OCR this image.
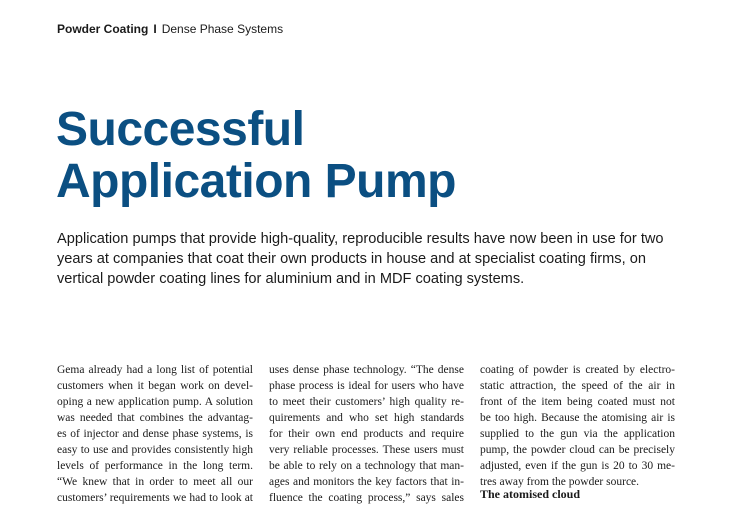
Powder Coating I Dense Phase Systems
Successful
Application Pump

Application pumps that provide high-quality, reproducible results have now been in use for two years at companies that coat their own products in house and at specialist coating firms, on vertical powder coating lines for aluminium and in MDF coating systems.

Gema already had a long list of potential
customers when it began work on devel-
oping a new application pump. A solution
was needed that combines the advantag-
es of injector and dense phase systems, is
easy to use and provides consistently high
levels of performance in the long term.
“We knew that in order to meet all our
customers’ requirements we had to look at
uses dense phase technology. “The dense
phase process is ideal for users who have
to meet their customers’ high quality re-
quirements and who set high standards
for their own end products and require
very reliable processes. These users must
be able to rely on a technology that man-
ages and monitors the key factors that in-
fluence the coating process,” says sales
coating of powder is created by electro-
static attraction, the speed of the air in
front of the item being coated must not
be too high. Because the atomising air is
supplied to the gun via the application
pump, the powder cloud can be precisely
adjusted, even if the gun is 20 to 30 me-
tres away from the powder source.
The atomised cloud
